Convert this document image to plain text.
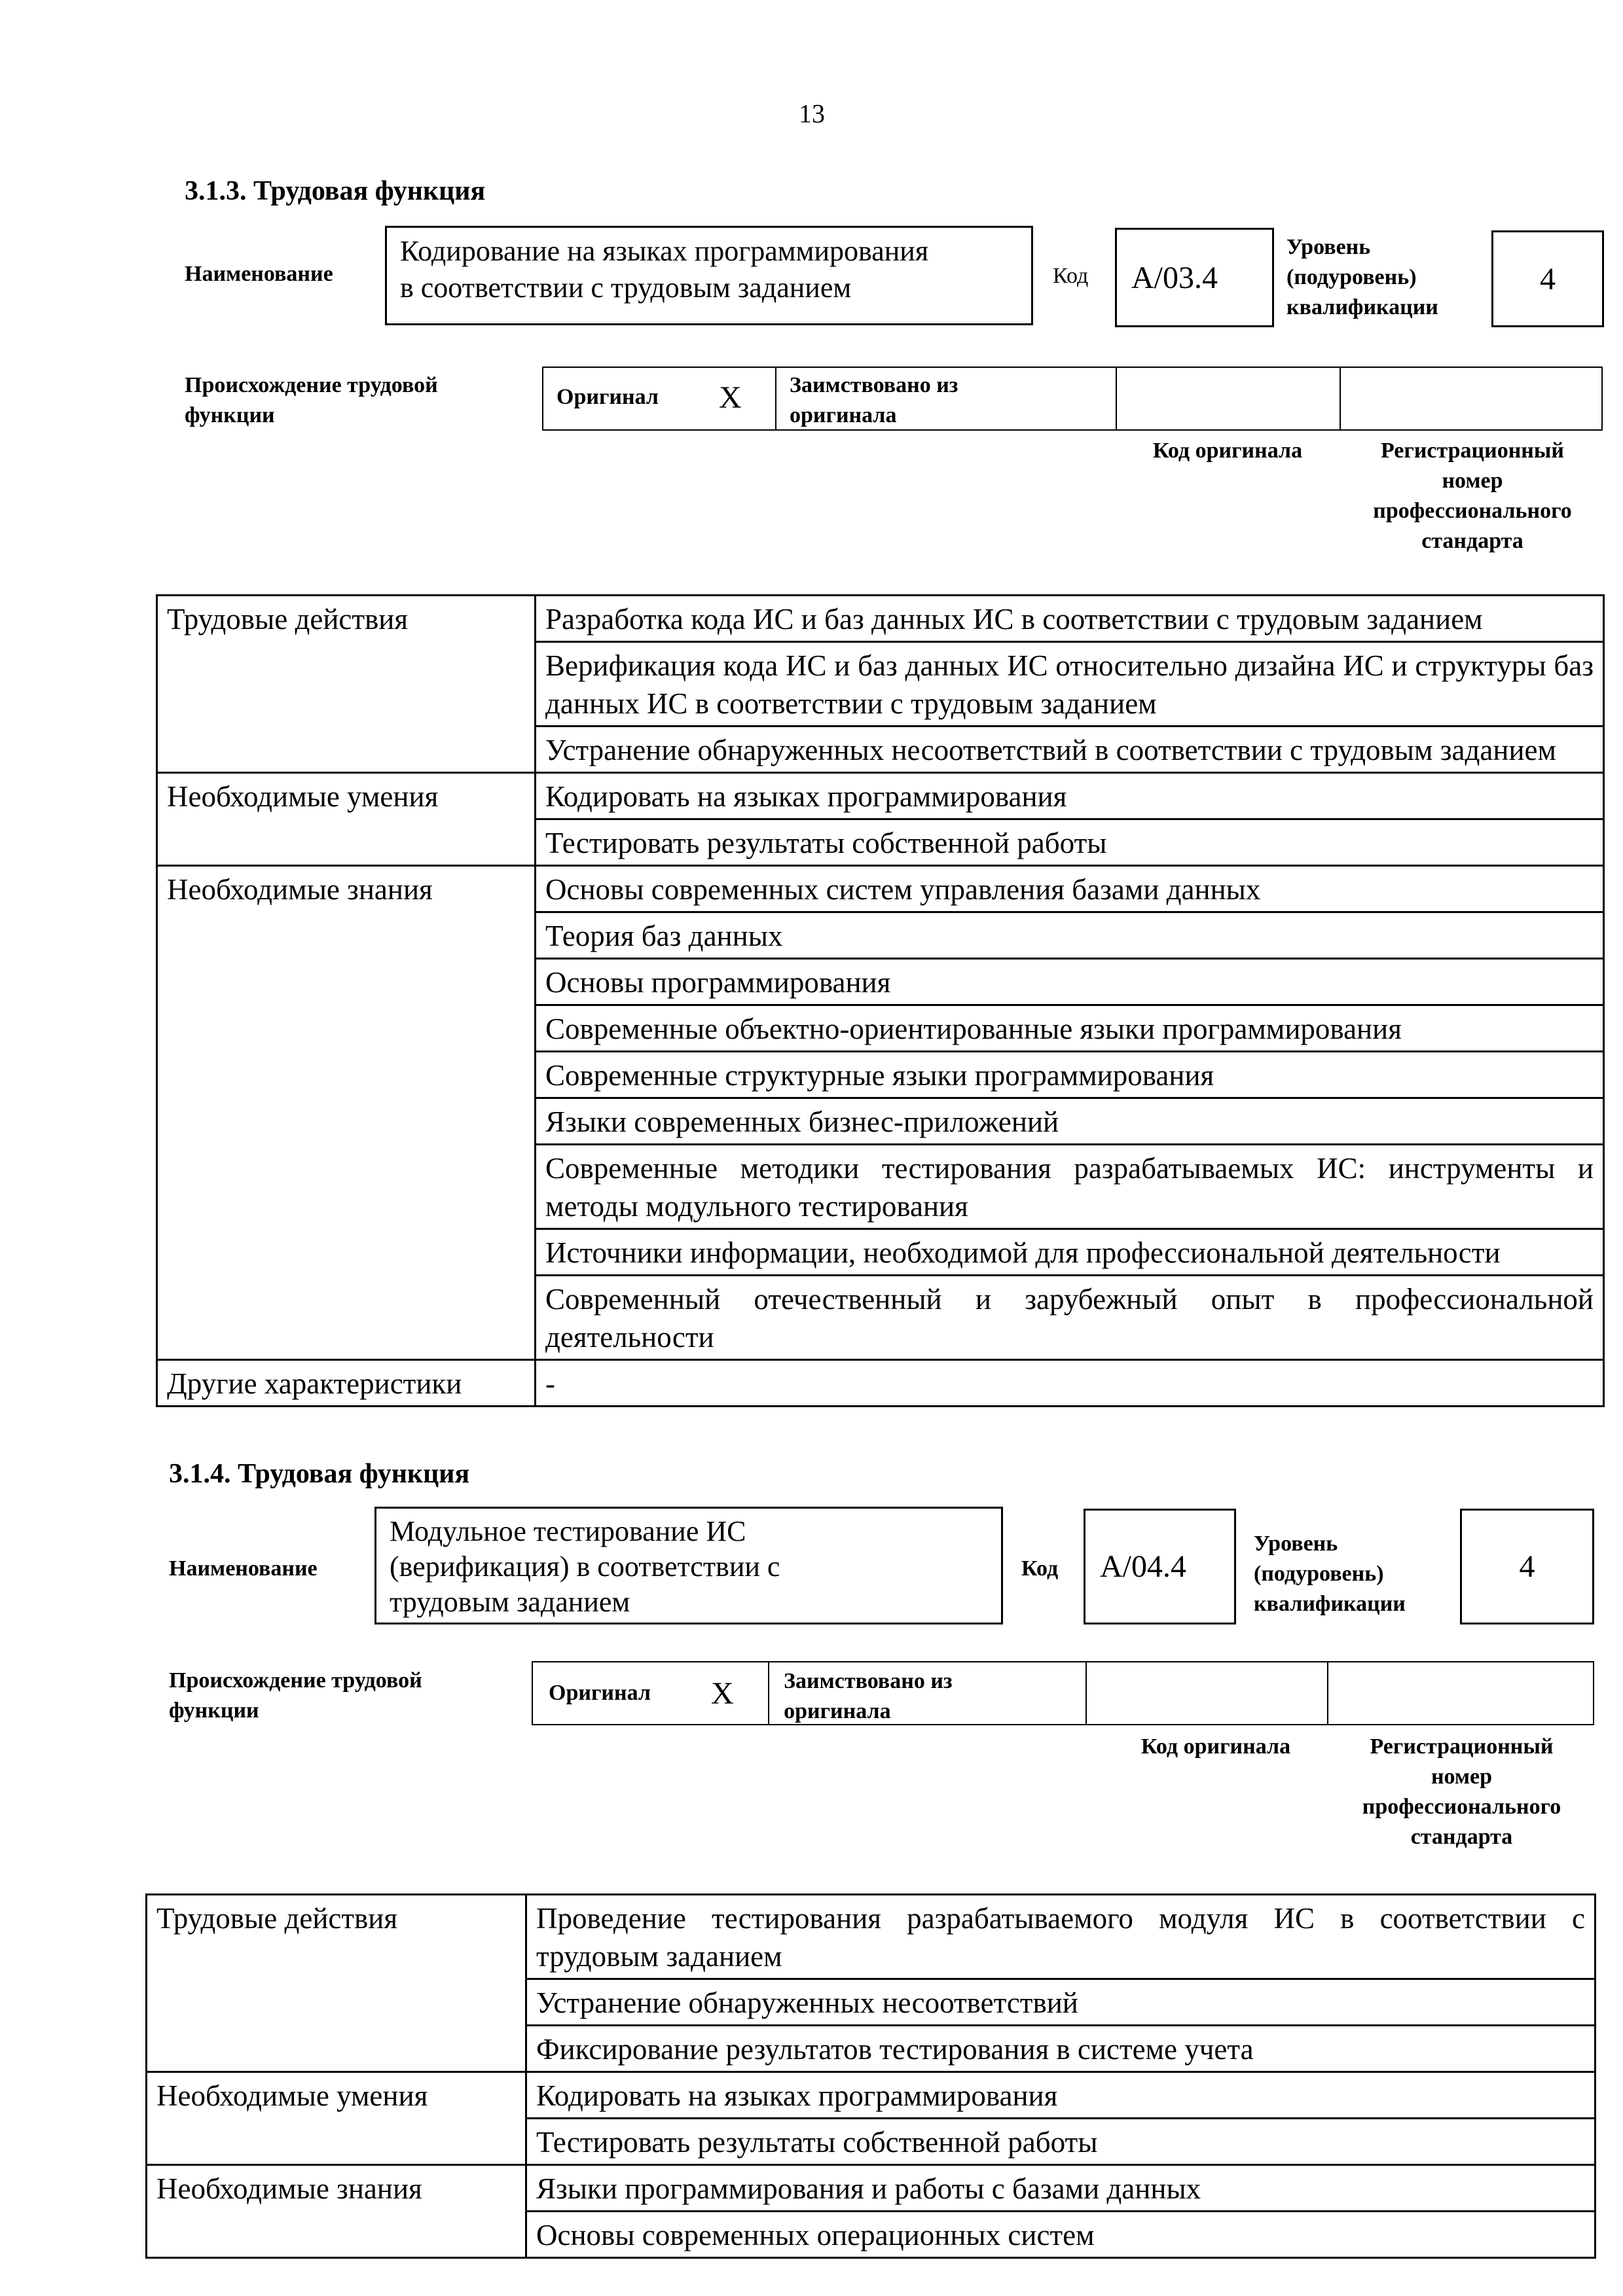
13
3.1.3. Трудовая функция
Наименование
Кодирование на языках программирования
в соответствии с трудовым заданием	Код	A/03.4
Уровень
(подуровень)
квалификации
4
Происхождение трудовой
функции
Оригинал X Заимствовано из
оригинала
Код оригинала	Регистрационный
номер
профессионального
стандарта
Трудовые действия	Разработка кода ИС и баз данных ИС в соответствии с трудовым заданием
	Верификация кода ИС и баз данных ИС относительно дизайна ИС и структуры баз данных ИС в соответствии с трудовым заданием
	Устранение обнаруженных несоответствий в соответствии с трудовым заданием
Необходимые умения	Кодировать на языках программирования
	Тестировать результаты собственной работы
Необходимые знания	Основы современных систем управления базами данных
	Теория баз данных
	Основы программирования
	Современные объектно-ориентированные языки программирования
	Современные структурные языки программирования
	Языки современных бизнес-приложений
	Современные методики тестирования разрабатываемых ИС: инструменты и методы модульного тестирования
	Источники информации, необходимой для профессиональной деятельности
	Современный отечественный и зарубежный опыт в профессиональной деятельности
Другие характеристики	-
3.1.4. Трудовая функция
Наименование
Модульное тестирование ИС
(верификация) в соответствии с
трудовым заданием
Код	A/04.4
Уровень
(подуровень)
квалификации
4
Происхождение трудовой
функции
Оригинал X Заимствовано из
оригинала
Код оригинала	Регистрационный
номер
профессионального
стандарта
Трудовые действия	Проведение тестирования разрабатываемого модуля ИС в соответствии с трудовым заданием
	Устранение обнаруженных несоответствий
	Фиксирование результатов тестирования в системе учета
Необходимые умения	Кодировать на языках программирования
	Тестировать результаты собственной работы
Необходимые знания	Языки программирования и работы с базами данных
	Основы современных операционных систем
